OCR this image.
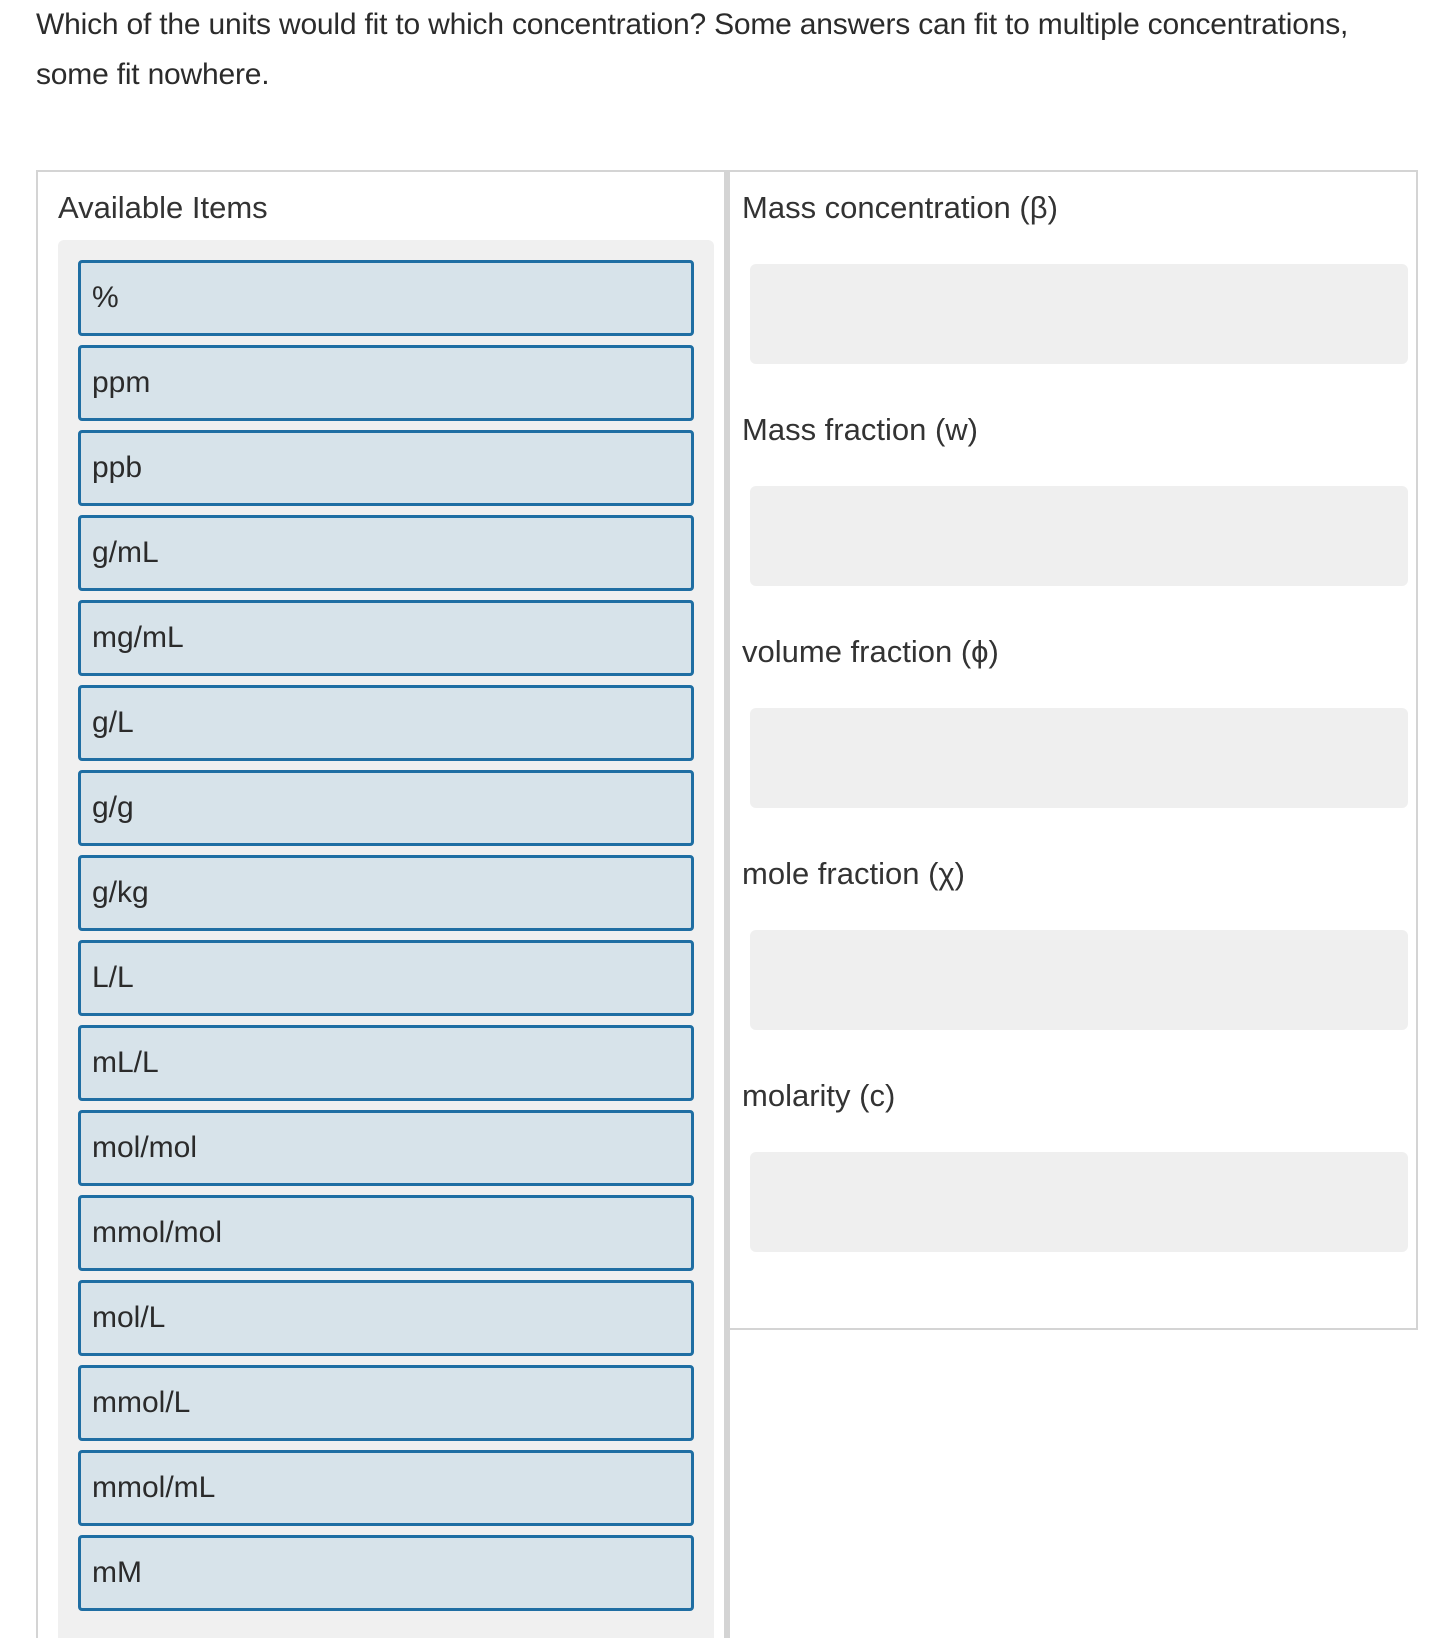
Which of the units would fit to which concentration? Some answers can fit to multiple concentrations,
some fit nowhere.
Available Items
%
ppm
ppb
g/mL
mg/mL
g/L
g/g
g/kg
L/L
mL/L
mol/mol
mmol/mol
mol/L
mmol/L
mmol/mL
mM
Mass concentration (β)
Mass fraction (w)
volume fraction (ϕ)
mole fraction (χ)
molarity (c)
